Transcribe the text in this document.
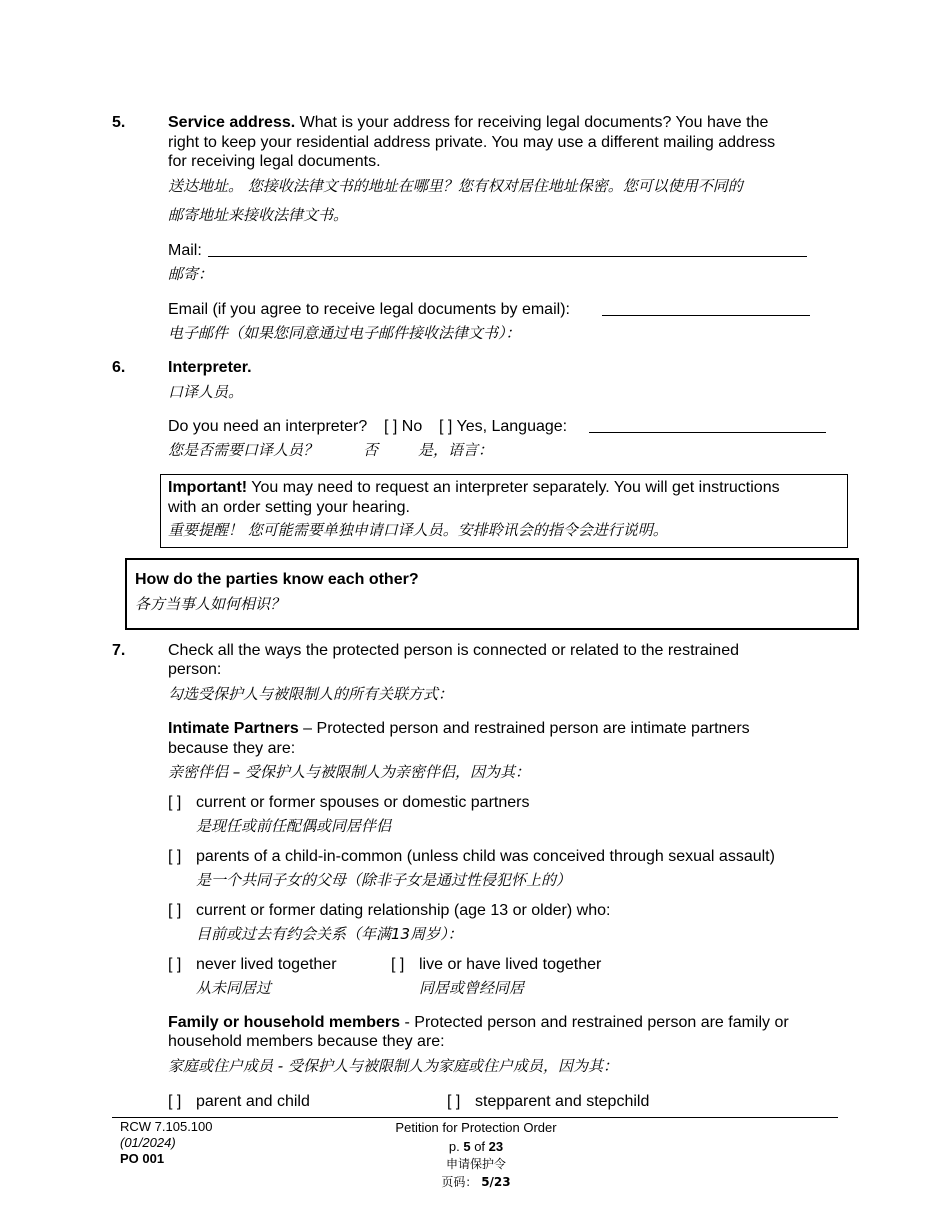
5.	Service address. What is your address for receiving legal documents? You have the
right to keep your residential address private. You may use a different mailing address
for receiving legal documents.
送达地址。 您接收法律文书的地址在哪里？您有权对居住地址保密。您可以使用不同的
邮寄地址来接收法律文书。
Mail:
邮寄：
Email (if you agree to receive legal documents by email):
电子邮件（如果您同意通过电子邮件接收法律文书）：
6.	Interpreter.
口译人员。
Do you need an interpreter? [ ] No [ ] Yes, Language:
您是否需要口译人员？	否	是，语言：
Important! You may need to request an interpreter separately. You will get instructions
with an order setting your hearing.
重要提醒！ 您可能需要单独申请口译人员。安排聆讯会的指令会进行说明。
How do the parties know each other?
各方当事人如何相识？
7.	Check all the ways the protected person is connected or related to the restrained
person:
勾选受保护人与被限制人的所有关联方式：
Intimate Partners – Protected person and restrained person are intimate partners
because they are:
亲密伴侣 – 受保护人与被限制人为亲密伴侣，因为其：
[ ] current or former spouses or domestic partners
是现任或前任配偶或同居伴侣
[ ] parents of a child-in-common (unless child was conceived through sexual assault)
是一个共同子女的父母（除非子女是通过性侵犯怀上的）
[ ] current or former dating relationship (age 13 or older) who:
目前或过去有约会关系（年满13周岁）：
[ ] never lived together
从未同居过
[ ] live or have lived together
同居或曾经同居
Family or household members - Protected person and restrained person are family or
household members because they are:
家庭或住户成员 - 受保护人与被限制人为家庭或住户成员，因为其：
[ ] parent and child	[ ] stepparent and stepchild
RCW 7.105.100
(01/2024)
PO 001
Petition for Protection Order
p. 5 of 23
申请保护令
页码： 5/23
